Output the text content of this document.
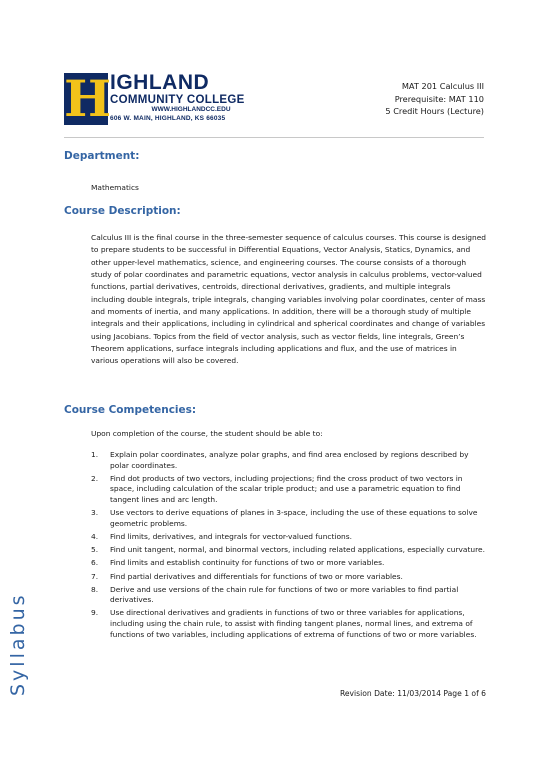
H IGHLAND
COMMUNITY COLLEGE
WWW.HIGHLANDCC.EDU
606 W. MAIN, HIGHLAND, KS 66035
MAT 201 Calculus III
Prerequisite: MAT 110
5 Credit Hours (Lecture)
Department:
Mathematics
Course Description:
Calculus III is the final course in the three-semester sequence of calculus courses. This course is designed to prepare students to be successful in Differential Equations, Vector Analysis, Statics, Dynamics, and other upper-level mathematics, science, and engineering courses. The course consists of a thorough study of polar coordinates and parametric equations, vector analysis in calculus problems, vector-valued functions, partial derivatives, centroids, directional derivatives, gradients, and multiple integrals including double integrals, triple integrals, changing variables involving polar coordinates, center of mass and moments of inertia, and many applications. In addition, there will be a thorough study of multiple integrals and their applications, including in cylindrical and spherical coordinates and change of variables using Jacobians. Topics from the field of vector analysis, such as vector fields, line integrals, Green’s Theorem applications, surface integrals including applications and flux, and the use of matrices in various operations will also be covered.
Course Competencies:
Upon completion of the course, the student should be able to:
1. Explain polar coordinates, analyze polar graphs, and find area enclosed by regions described by polar coordinates.
2. Find dot products of two vectors, including projections; find the cross product of two vectors in space, including calculation of the scalar triple product; and use a parametric equation to find tangent lines and arc length.
3. Use vectors to derive equations of planes in 3-space, including the use of these equations to solve geometric problems.
4. Find limits, derivatives, and integrals for vector-valued functions.
5. Find unit tangent, normal, and binormal vectors, including related applications, especially curvature.
6. Find limits and establish continuity for functions of two or more variables.
7. Find partial derivatives and differentials for functions of two or more variables.
8. Derive and use versions of the chain rule for functions of two or more variables to find partial derivatives.
9. Use directional derivatives and gradients in functions of two or three variables for applications, including using the chain rule, to assist with finding tangent planes, normal lines, and extrema of functions of two variables, including applications of extrema of functions of two or more variables.
Syllabus	Revision Date: 11/03/2014 Page 1 of 6
